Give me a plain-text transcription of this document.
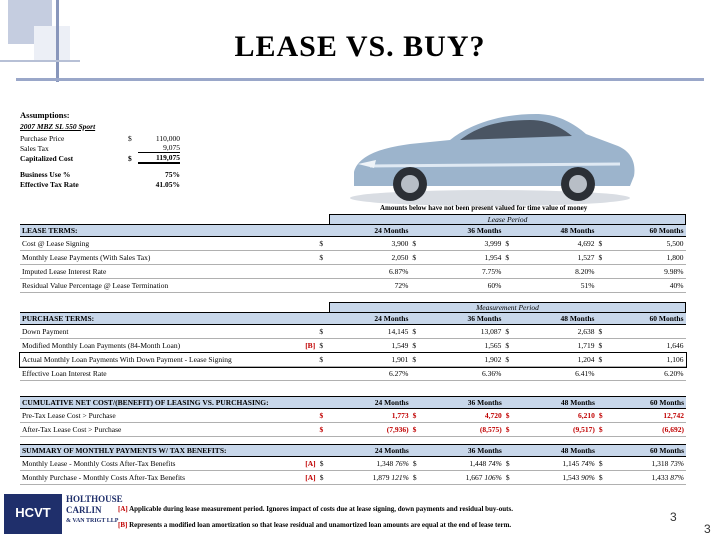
LEASE VS. BUY?
Assumptions:
2007 MBZ SL 550 Sport
Purchase Price	$	110,000
Sales Tax	9,075
Capitalized Cost	$	119,075
Business Use %	75%
Effective Tax Rate	41.05%
Amounts below have not been present valued for time value of money
			Lease Period						
LEASE TERMS:			24 Months		36 Months		48 Months		60 Months
Cost @ Lease Signing		$	3,900	$	3,999	$	4,692	$	5,500
Monthly Lease Payments (With Sales Tax)		$	2,050	$	1,954	$	1,527	$	1,800
Imputed Lease Interest Rate			6.87%		7.75%		8.20%		9.98%
Residual Value Percentage @ Lease Termination			72%		60%		51%		40%
			Measurement Period						
PURCHASE TERMS:			24 Months		36 Months		48 Months		60 Months
Down Payment		$	14,145	$	13,087	$	2,638	$	
Modified Monthly Loan Payments (84-Month Loan)	[B]	$	1,549	$	1,565	$	1,719	$	1,646
Actual Monthly Loan Payments With Down Payment - Lease Signing		$	1,901	$	1,902	$	1,204	$	1,106
Effective Loan Interest Rate			6.27%		6.36%		6.41%		6.20%
CUMULATIVE NET COST/(BENEFIT) OF LEASING VS. PURCHASING:			24 Months		36 Months		48 Months		60 Months
Pre-Tax Lease Cost > Purchase		$	1,773	$	4,720	$	6,210	$	12,742
After-Tax Lease Cost > Purchase		$	(7,936)	$	(8,575)	$	(9,517)	$	(6,692)
SUMMARY OF MONTHLY PAYMENTS W/ TAX BENEFITS:			24 Months		36 Months		48 Months		60 Months
Monthly Lease - Monthly Costs After-Tax Benefits	[A]	$	1,348 76%	$	1,448 74%	$	1,145 74%	$	1,318 73%
Monthly Purchase - Monthly Costs After-Tax Benefits	[A]	$	1,879 121%	$	1,667 106%	$	1,543 90%	$	1,433 87%
[A] Applicable during lease measurement period. Ignores impact of costs due at lease signing, down payments and residual buy-outs.
[B] Represents a modified loan amortization so that lease residual and unamortized loan amounts are equal at the end of lease term.
HCVT
HOLTHOUSE
CARLIN
& VAN TRIGT LLP	3
3
